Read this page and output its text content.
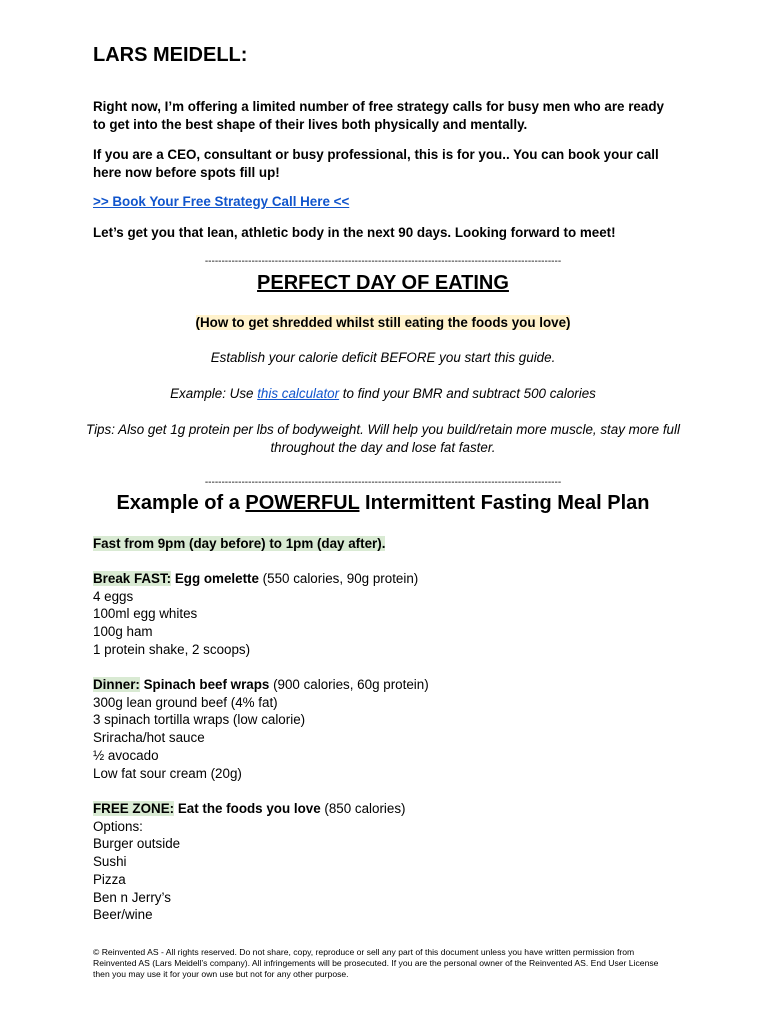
LARS MEIDELL:
Right now, I’m offering a limited number of free strategy calls for busy men who are ready to get into the best shape of their lives both physically and mentally.
If you are a CEO, consultant or busy professional, this is for you.. You can book your call here now before spots fill up!
>> Book Your Free Strategy Call Here <<
Let’s get you that lean, athletic body in the next 90 days. Looking forward to meet!
-----------------------------------------------------------------------------------------------------------
PERFECT DAY OF EATING
(How to get shredded whilst still eating the foods you love)
Establish your calorie deficit BEFORE you start this guide.
Example: Use this calculator to find your BMR and subtract 500 calories
Tips: Also get 1g protein per lbs of bodyweight. Will help you build/retain more muscle, stay more full throughout the day and lose fat faster.
-----------------------------------------------------------------------------------------------------------
Example of a POWERFUL Intermittent Fasting Meal Plan
Fast from 9pm (day before) to 1pm (day after).
Break FAST: Egg omelette (550 calories, 90g protein)
4 eggs
100ml egg whites
100g ham
1 protein shake, 2 scoops)
Dinner: Spinach beef wraps (900 calories, 60g protein)
300g lean ground beef (4% fat)
3 spinach tortilla wraps (low calorie)
Sriracha/hot sauce
½ avocado
Low fat sour cream (20g)
FREE ZONE: Eat the foods you love (850 calories)
Options:
Burger outside
Sushi
Pizza
Ben n Jerry’s
Beer/wine
© Reinvented AS - All rights reserved. Do not share, copy, reproduce or sell any part of this document unless you have written permission from Reinvented AS (Lars Meidell’s company). All infringements will be prosecuted. If you are the personal owner of the Reinvented AS. End User License then you may use it for your own use but not for any other purpose.
